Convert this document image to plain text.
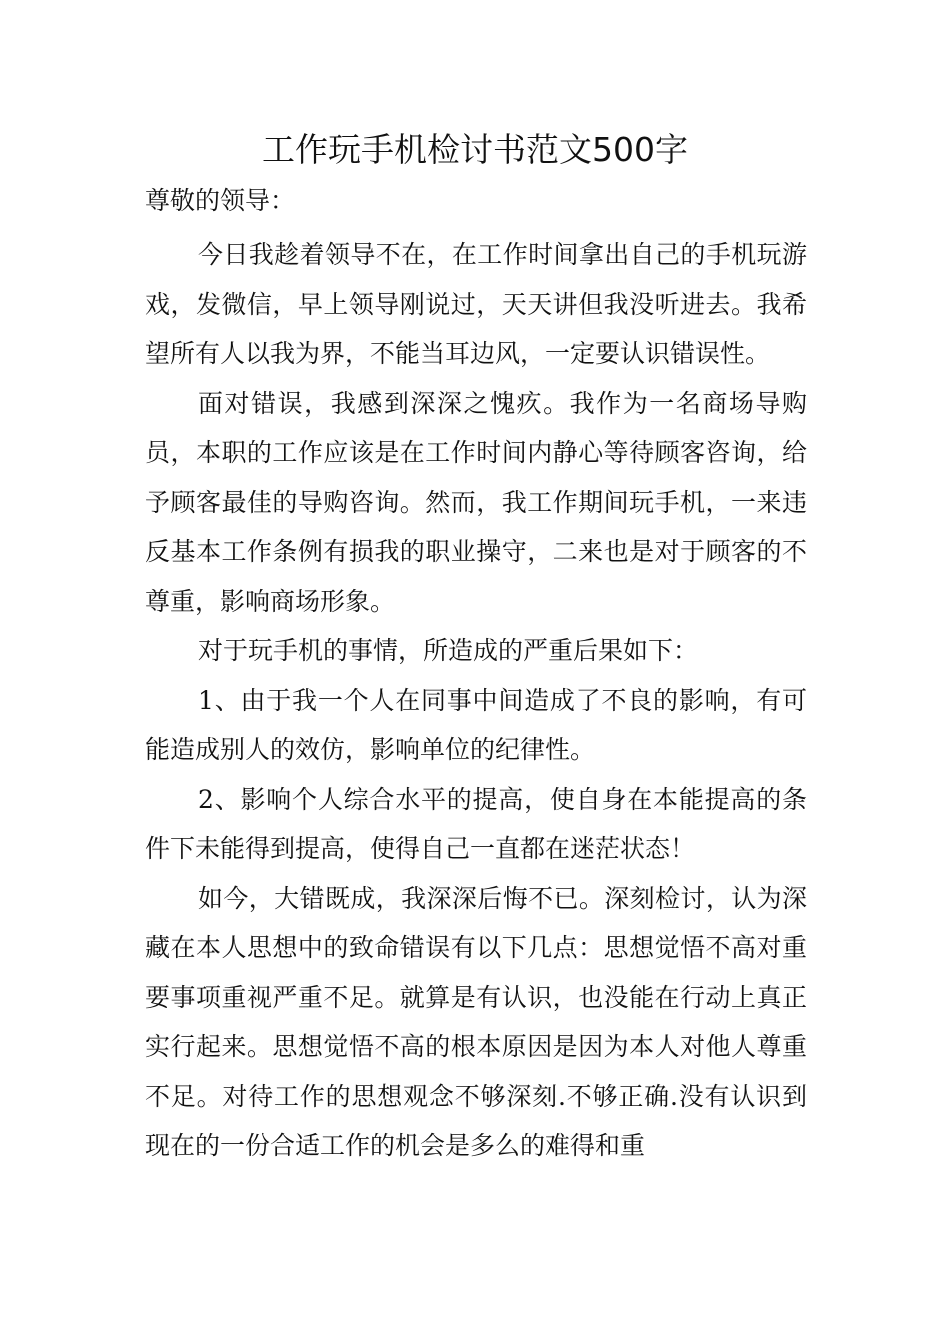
工作玩手机检讨书范文500字

尊敬的领导：

今日我趁着领导不在，在工作时间拿出自己的手机玩游戏，发微信，早上领导刚说过，天天讲但我没听进去。我希望所有人以我为界，不能当耳边风，一定要认识错误性。

面对错误，我感到深深之愧疚。我作为一名商场导购员，本职的工作应该是在工作时间内静心等待顾客咨询，给予顾客最佳的导购咨询。然而，我工作期间玩手机，一来违反基本工作条例有损我的职业操守，二来也是对于顾客的不尊重，影响商场形象。

对于玩手机的事情，所造成的严重后果如下：

1、由于我一个人在同事中间造成了不良的影响，有可能造成别人的效仿，影响单位的纪律性。

2、影响个人综合水平的提高，使自身在本能提高的条件下未能得到提高，使得自己一直都在迷茫状态！

如今，大错既成，我深深后悔不已。深刻检讨，认为深藏在本人思想中的致命错误有以下几点：思想觉悟不高对重要事项重视严重不足。就算是有认识，也没能在行动上真正实行起来。思想觉悟不高的根本原因是因为本人对他人尊重不足。对待工作的思想观念不够深刻.不够正确.没有认识到现在的一份合适工作的机会是多么的难得和重
